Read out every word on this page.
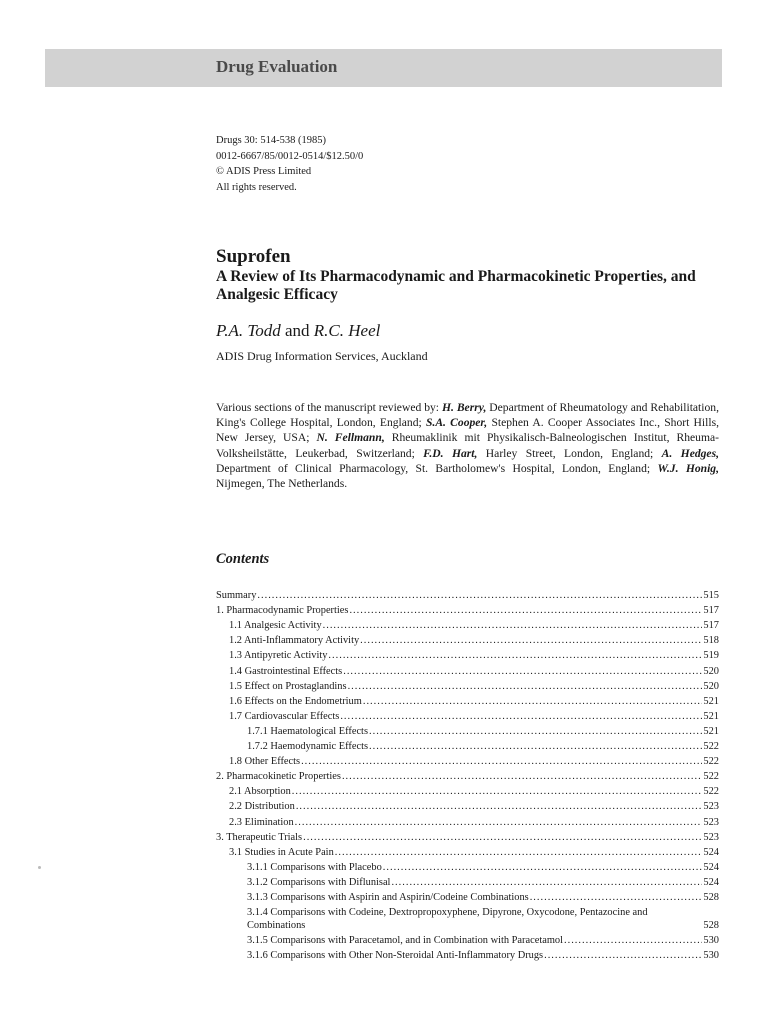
Drug Evaluation
Drugs 30: 514-538 (1985)
0012-6667/85/0012-0514/$12.50/0
© ADIS Press Limited
All rights reserved.
Suprofen
A Review of Its Pharmacodynamic and Pharmacokinetic Properties, and Analgesic Efficacy
P.A. Todd and R.C. Heel
ADIS Drug Information Services, Auckland
Various sections of the manuscript reviewed by: H. Berry, Department of Rheumatology and Rehabilitation, King's College Hospital, London, England; S.A. Cooper, Stephen A. Cooper Associates Inc., Short Hills, New Jersey, USA; N. Fellmann, Rheumaklinik mit Physikalisch-Balneologischen Institut, Rheuma-Volksheilstätte, Leukerbad, Switzerland; F.D. Hart, Harley Street, London, England; A. Hedges, Department of Clinical Pharmacology, St. Bartholomew's Hospital, London, England; W.J. Honig, Nijmegen, The Netherlands.
Contents
Summary .....	515
1. Pharmacodynamic Properties .....	517
1.1 Analgesic Activity .....	517
1.2 Anti-Inflammatory Activity .....	518
1.3 Antipyretic Activity .....	519
1.4 Gastrointestinal Effects .....	520
1.5 Effect on Prostaglandins .....	520
1.6 Effects on the Endometrium .....	521
1.7 Cardiovascular Effects .....	521
1.7.1 Haematological Effects .....	521
1.7.2 Haemodynamic Effects .....	522
1.8 Other Effects .....	522
2. Pharmacokinetic Properties .....	522
2.1 Absorption .....	522
2.2 Distribution .....	523
2.3 Elimination .....	523
3. Therapeutic Trials .....	523
3.1 Studies in Acute Pain .....	524
3.1.1 Comparisons with Placebo .....	524
3.1.2 Comparisons with Diflunisal .....	524
3.1.3 Comparisons with Aspirin and Aspirin/Codeine Combinations .....	528
3.1.4 Comparisons with Codeine, Dextropropoxyphene, Dipyrone, Oxycodone, Pentazocine and Combinations	528
3.1.5 Comparisons with Paracetamol, and in Combination with Paracetamol .....	530
3.1.6 Comparisons with Other Non-Steroidal Anti-Inflammatory Drugs .....	530
